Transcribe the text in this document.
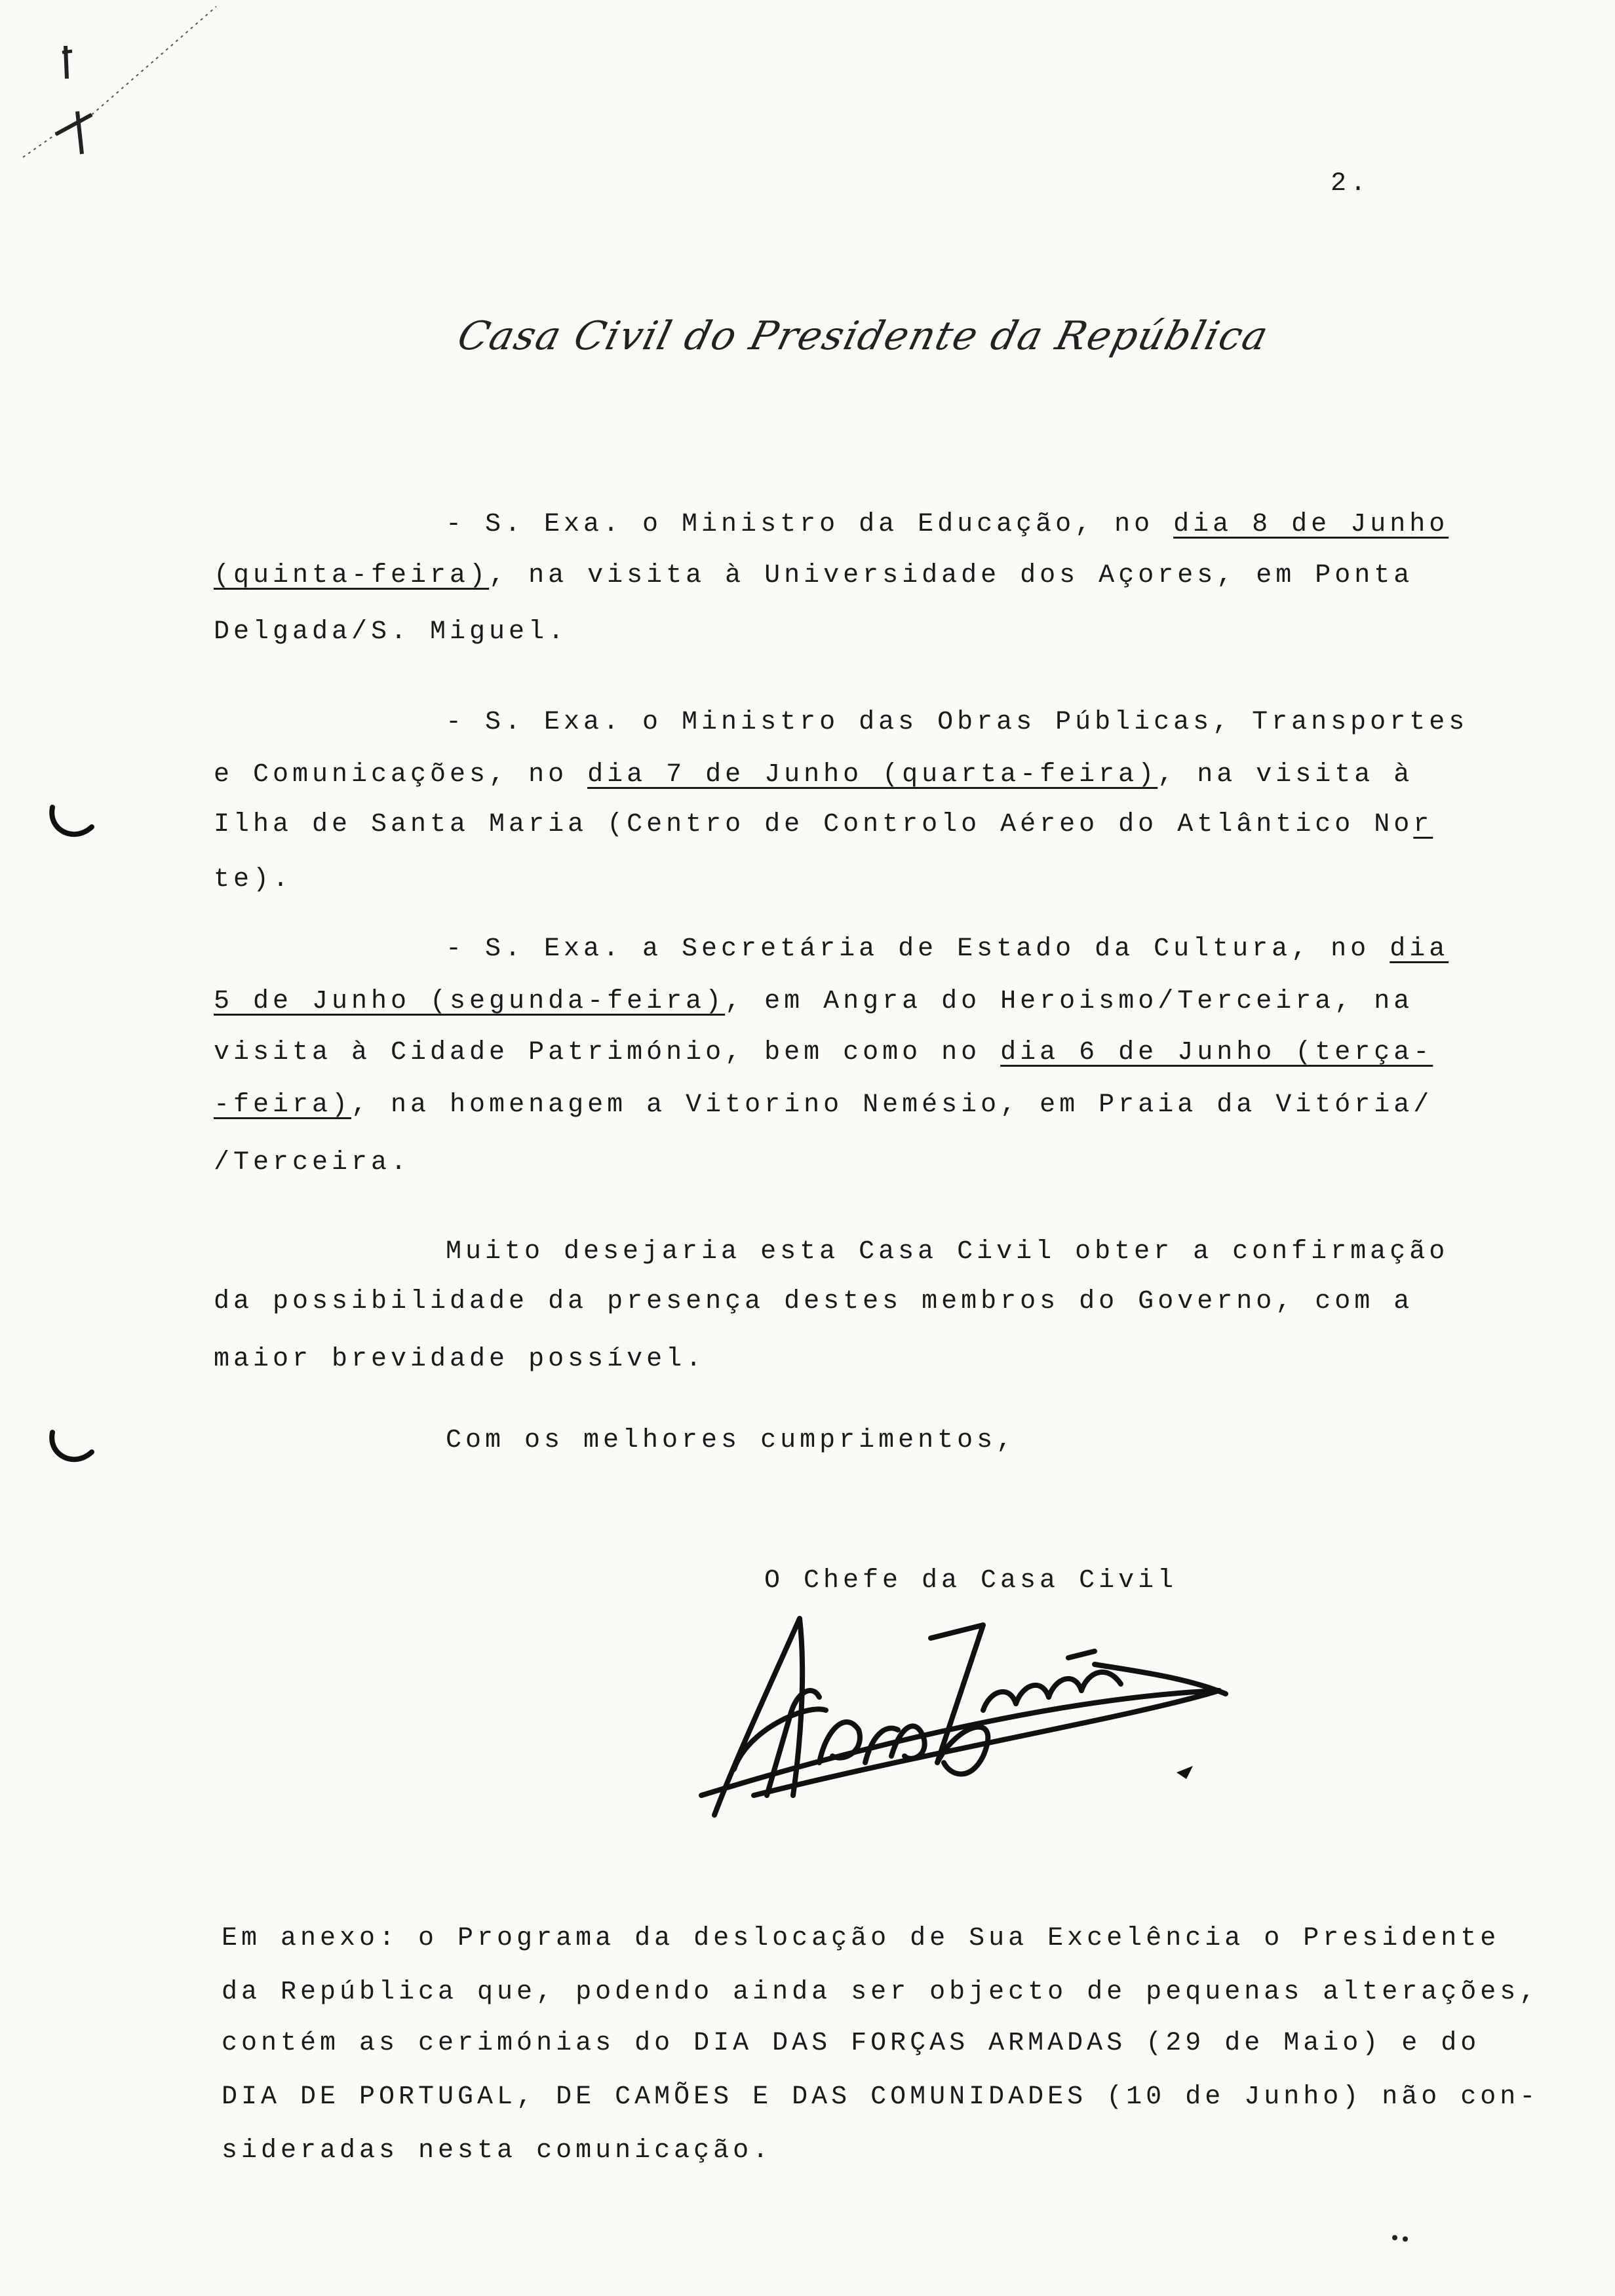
2.
Casa Civil do Presidente da República
- S. Exa. o Ministro da Educação, no dia 8 de Junho
(quinta-feira), na visita à Universidade dos Açores, em Ponta
Delgada/S. Miguel.
- S. Exa. o Ministro das Obras Públicas, Transportes
e Comunicações, no dia 7 de Junho (quarta-feira), na visita à
Ilha de Santa Maria (Centro de Controlo Aéreo do Atlântico Nor
te).
- S. Exa. a Secretária de Estado da Cultura, no dia
5 de Junho (segunda-feira), em Angra do Heroismo/Terceira, na
visita à Cidade Património, bem como no dia 6 de Junho (terça-
-feira), na homenagem a Vitorino Nemésio, em Praia da Vitória/
/Terceira.
Muito desejaria esta Casa Civil obter a confirmação
da possibilidade da presença destes membros do Governo, com a
maior brevidade possível.
Com os melhores cumprimentos,
O Chefe da Casa Civil
Em anexo: o Programa da deslocação de Sua Excelência o Presidente
da República que, podendo ainda ser objecto de pequenas alterações,
contém as cerimónias do DIA DAS FORÇAS ARMADAS (29 de Maio) e do
DIA DE PORTUGAL, DE CAMÕES E DAS COMUNIDADES (10 de Junho) não con-
sideradas nesta comunicação.
